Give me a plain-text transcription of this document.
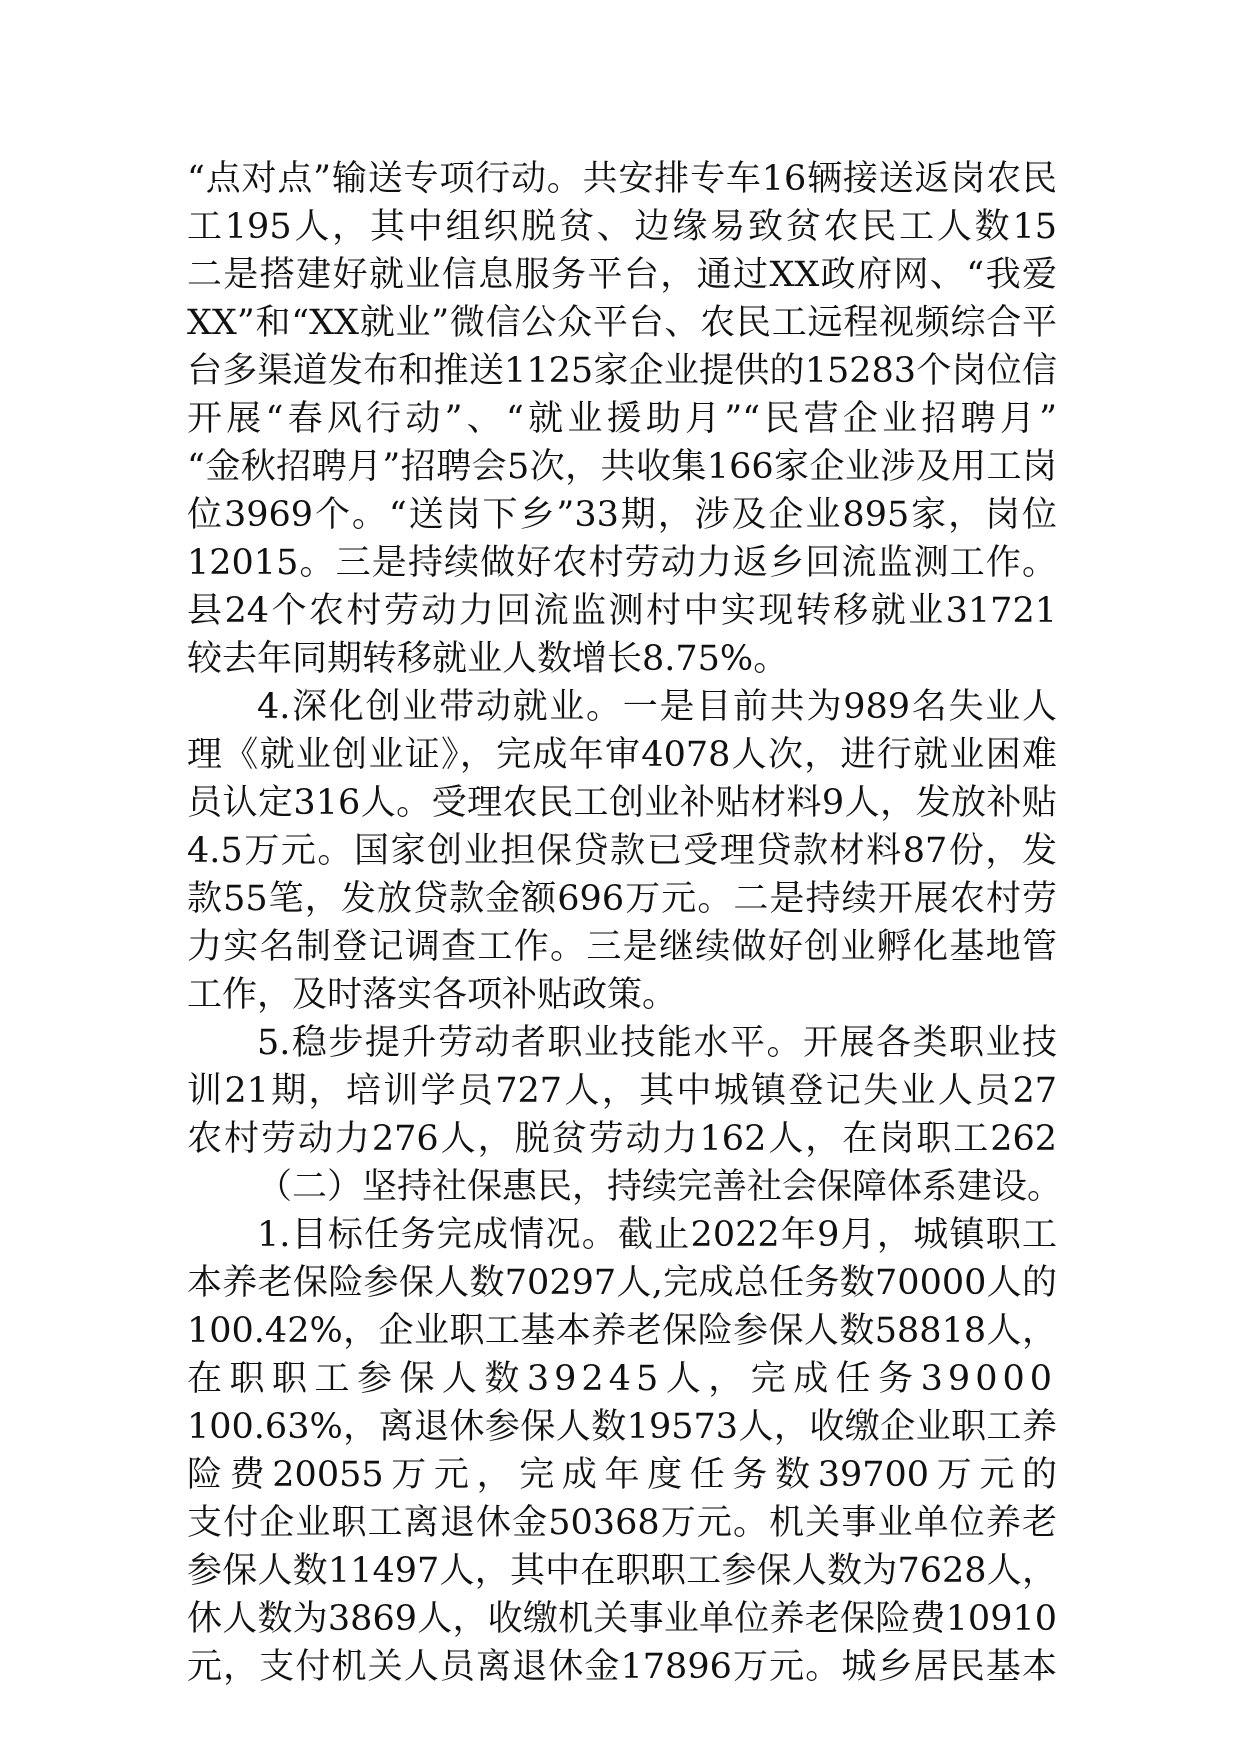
“点对点”输送专项行动。共安排专车16辆接送返岗农民
工195人，其中组织脱贫、边缘易致贫农民工人数15
二是搭建好就业信息服务平台，通过XX政府网、“我爱
XX”和“XX就业”微信公众平台、农民工远程视频综合平
台多渠道发布和推送1125家企业提供的15283个岗位信
开展“春风行动”、“就业援助月”“民营企业招聘月”
“金秋招聘月”招聘会5次，共收集166家企业涉及用工岗
位3969个。“送岗下乡”33期，涉及企业895家，岗位
12015。三是持续做好农村劳动力返乡回流监测工作。
县24个农村劳动力回流监测村中实现转移就业31721
较去年同期转移就业人数增长8.75%。
4.深化创业带动就业。一是目前共为989名失业人
理《就业创业证》，完成年审4078人次，进行就业困难
员认定316人。受理农民工创业补贴材料9人，发放补贴
4.5万元。国家创业担保贷款已受理贷款材料87份，发
款55笔，发放贷款金额696万元。二是持续开展农村劳
力实名制登记调查工作。三是继续做好创业孵化基地管
工作，及时落实各项补贴政策。
5.稳步提升劳动者职业技能水平。开展各类职业技
训21期，培训学员727人，其中城镇登记失业人员27
农村劳动力276人，脱贫劳动力162人，在岗职工262
（二）坚持社保惠民，持续完善社会保障体系建设。
1.目标任务完成情况。截止2022年9月，城镇职工
本养老保险参保人数70297人,完成总任务数70000人的
100.42%，企业职工基本养老保险参保人数58818人，
在职职工参保人数39245人，完成任务39000
100.63%，离退休参保人数19573人，收缴企业职工养
险费20055万元，完成年度任务数39700万元的
支付企业职工离退休金50368万元。机关事业单位养老
参保人数11497人，其中在职职工参保人数为7628人，
休人数为3869人，收缴机关事业单位养老保险费10910
元，支付机关人员离退休金17896万元。城乡居民基本
